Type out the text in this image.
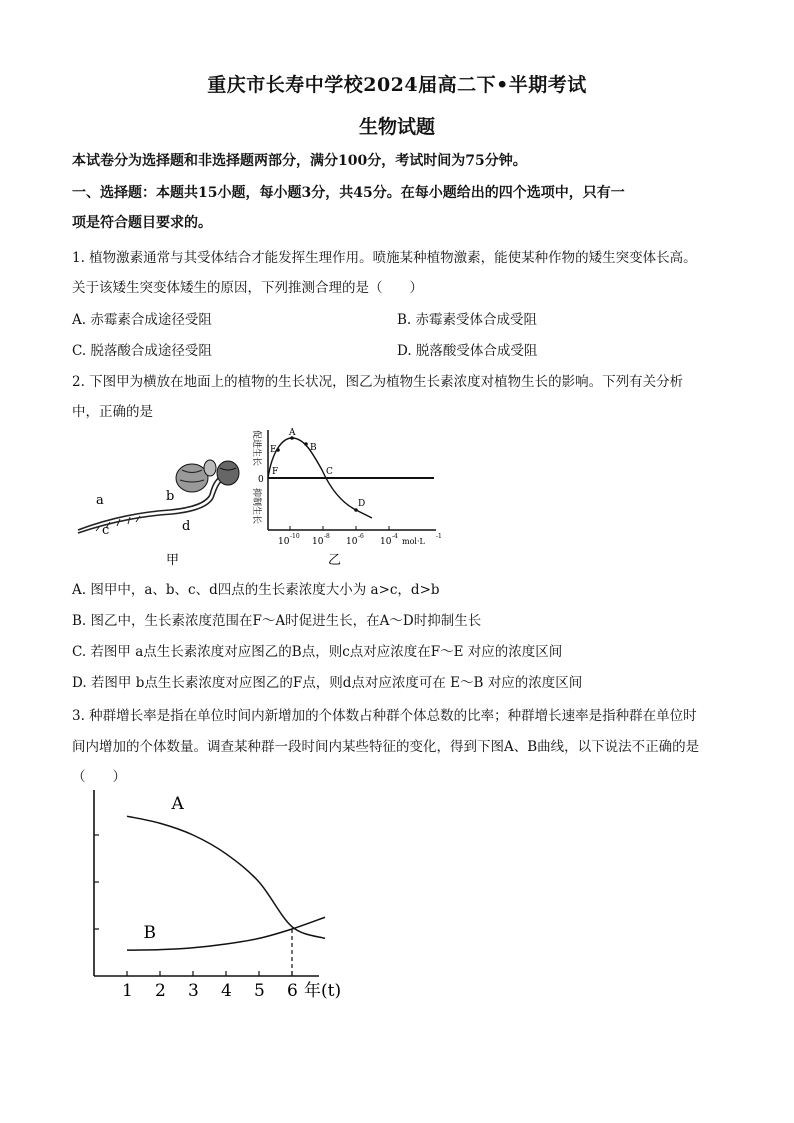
重庆市长寿中学校2024届高二下•半期考试
生物试题
本试卷分为选择题和非选择题两部分，满分100分，考试时间为75分钟。
一、选择题：本题共15小题，每小题3分，共45分。在每小题给出的四个选项中，只有一
项是符合题目要求的。
1. 植物激素通常与其受体结合才能发挥生理作用。喷施某种植物激素，能使某种作物的矮生突变体长高。
关于该矮生突变体矮生的原因，下列推测合理的是（　　）
A. 赤霉素合成途径受阻	B. 赤霉素受体合成受阻
C. 脱落酸合成途径受阻	D. 脱落酸受体合成受阻
2. 下图甲为横放在地面上的植物的生长状况，图乙为植物生长素浓度对植物生长的影响。下列有关分析
中，正确的是
a	b
c	d
甲
A
B
C
D
E
F
0
促进生长
抑制生长
10
-10
10
-8
10
-6
10
-4
mol·L
-1
乙
A. 图甲中，a、b、c、d四点的生长素浓度大小为 a>c，d>b
B. 图乙中，生长素浓度范围在F～A时促进生长，在A～D时抑制生长
C. 若图甲 a点生长素浓度对应图乙的B点，则c点对应浓度在F～E 对应的浓度区间
D. 若图甲 b点生长素浓度对应图乙的F点，则d点对应浓度可在 E～B 对应的浓度区间
3. 种群增长率是指在单位时间内新增加的个体数占种群个体总数的比率；种群增长速率是指种群在单位时
间内增加的个体数量。调查某种群一段时间内某些特征的变化，得到下图A、B曲线，以下说法不正确的是
（　　）
1 2 3 4 5 6 年(t)
A
B
